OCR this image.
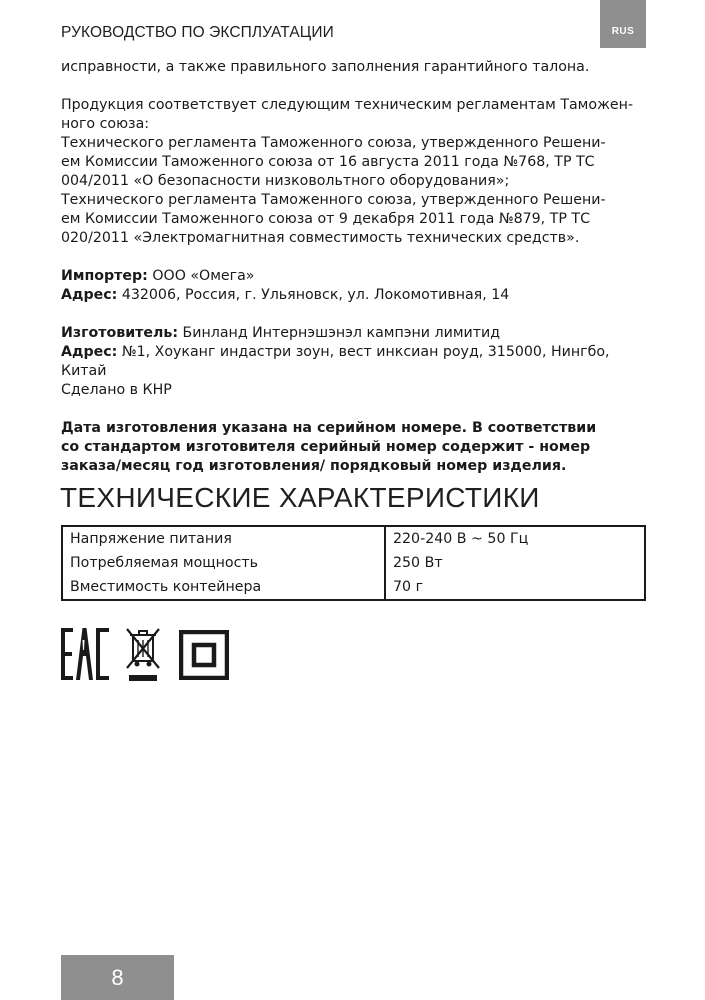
РУКОВОДСТВО ПО ЭКСПЛУАТАЦИИ	RUS

исправности, а также правильного заполнения гарантийного талона.

Продукция соответствует следующим техническим регламентам Таможен-

ного союза:

Технического регламента Таможенного союза, утвержденного Решени-

ем Комиссии Таможенного союза от 16 августа 2011 года №768, ТР ТС

004/2011 «О безопасности низковольтного оборудования»;

Технического регламента Таможенного союза, утвержденного Решени-

ем Комиссии Таможенного союза от 9 декабря 2011 года №879, ТР ТС

020/2011 «Электромагнитная совместимость технических средств».

Импортер: ООО «Омега»

Адрес: 432006, Россия, г. Ульяновск, ул. Локомотивная, 14

Изготовитель: Бинланд Интернэшэнэл кампэни лимитид

Адрес: №1, Хоуканг индастри зоун, вест инксиан роуд, 315000, Нингбо,

Китай

Сделано в КНР

Дата изготовления указана на серийном номере. В соответствии

со стандартом изготовителя серийный номер содержит - номер

заказа/месяц год изготовления/ порядковый номер изделия.

ТЕХНИЧЕСКИЕ ХАРАКТЕРИСТИКИ
Напряжение питания	220-240 В ~ 50 Гц
Потребляемая мощность	250 Вт
Вместимость контейнера	70 г
8
